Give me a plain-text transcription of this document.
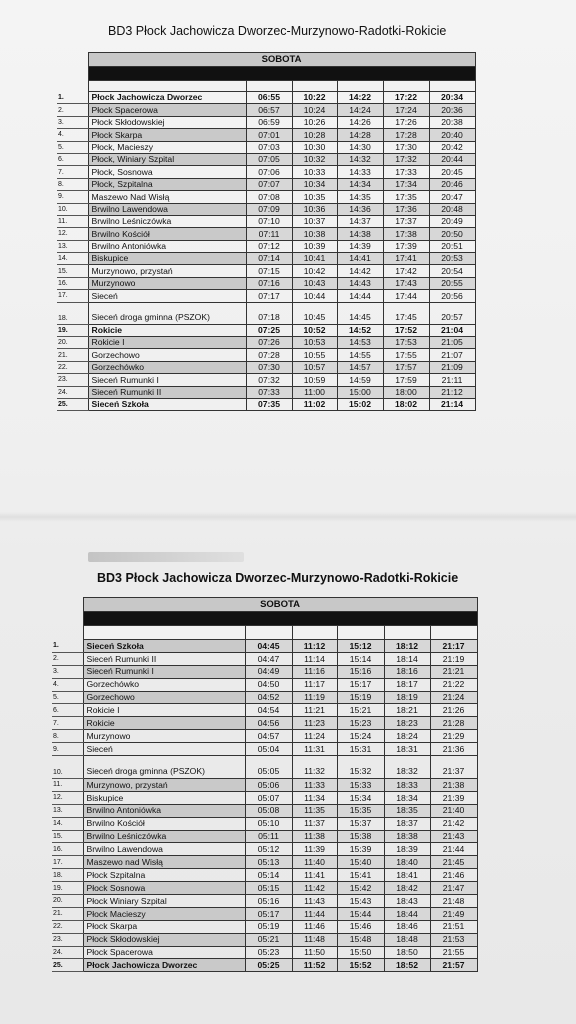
BD3 Płock Jachowicza Dworzec-Murzynowo-Radotki-Rokicie
	SOBOTA					

1.	Płock Jachowicza Dworzec	06:55	10:22	14:22	17:22	20:34
2.	Płock Spacerowa	06:57	10:24	14:24	17:24	20:36
3.	Płock Skłodowskiej	06:59	10:26	14:26	17:26	20:38
4.	Płock Skarpa	07:01	10:28	14:28	17:28	20:40
5.	Płock, Macieszy	07:03	10:30	14:30	17:30	20:42
6.	Płock, Winiary Szpital	07:05	10:32	14:32	17:32	20:44
7.	Płock, Sosnowa	07:06	10:33	14:33	17:33	20:45
8.	Płock, Szpitalna	07:07	10:34	14:34	17:34	20:46
9.	Maszewo Nad Wisłą	07:08	10:35	14:35	17:35	20:47
10.	Brwilno Lawendowa	07:09	10:36	14:36	17:36	20:48
11.	Brwilno Leśniczówka	07:10	10:37	14:37	17:37	20:49
12.	Brwilno Kościół	07:11	10:38	14:38	17:38	20:50
13.	Brwilno Antoniówka	07:12	10:39	14:39	17:39	20:51
14.	Biskupice	07:14	10:41	14:41	17:41	20:53
15.	Murzynowo, przystań	07:15	10:42	14:42	17:42	20:54
16.	Murzynowo	07:16	10:43	14:43	17:43	20:55
17.	Sieceń	07:17	10:44	14:44	17:44	20:56
18.	Sieceń droga gminna (PSZOK)	07:18	10:45	14:45	17:45	20:57
19.	Rokicie	07:25	10:52	14:52	17:52	21:04
20.	Rokicie I	07:26	10:53	14:53	17:53	21:05
21.	Gorzechowo	07:28	10:55	14:55	17:55	21:07
22.	Gorzechówko	07:30	10:57	14:57	17:57	21:09
23.	Sieceń Rumunki I	07:32	10:59	14:59	17:59	21:11
24.	Sieceń Rumunki II	07:33	11:00	15:00	18:00	21:12
25.	Sieceń Szkoła	07:35	11:02	15:02	18:02	21:14
BD3 Płock Jachowicza Dworzec-Murzynowo-Radotki-Rokicie
	SOBOTA					

1.	Sieceń Szkoła	04:45	11:12	15:12	18:12	21:17
2.	Sieceń Rumunki II	04:47	11:14	15:14	18:14	21:19
3.	Sieceń Rumunki I	04:49	11:16	15:16	18:16	21:21
4.	Gorzechówko	04:50	11:17	15:17	18:17	21:22
5.	Gorzechowo	04:52	11:19	15:19	18:19	21:24
6.	Rokicie I	04:54	11:21	15:21	18:21	21:26
7.	Rokicie	04:56	11:23	15:23	18:23	21:28
8.	Murzynowo	04:57	11:24	15:24	18:24	21:29
9.	Sieceń	05:04	11:31	15:31	18:31	21:36
10.	Sieceń droga gminna (PSZOK)	05:05	11:32	15:32	18:32	21:37
11.	Murzynowo, przystań	05:06	11:33	15:33	18:33	21:38
12.	Biskupice	05:07	11:34	15:34	18:34	21:39
13.	Brwilno Antoniówka	05:08	11:35	15:35	18:35	21:40
14.	Brwilno Kościół	05:10	11:37	15:37	18:37	21:42
15.	Brwilno Leśniczówka	05:11	11:38	15:38	18:38	21:43
16.	Brwilno Lawendowa	05:12	11:39	15:39	18:39	21:44
17.	Maszewo nad Wisłą	05:13	11:40	15:40	18:40	21:45
18.	Płock Szpitalna	05:14	11:41	15:41	18:41	21:46
19.	Płock Sosnowa	05:15	11:42	15:42	18:42	21:47
20.	Płock Winiary Szpital	05:16	11:43	15:43	18:43	21:48
21.	Płock Macieszy	05:17	11:44	15:44	18:44	21:49
22.	Płock Skarpa	05:19	11:46	15:46	18:46	21:51
23.	Płock Skłodowskiej	05:21	11:48	15:48	18:48	21:53
24.	Płock Spacerowa	05:23	11:50	15:50	18:50	21:55
25.	Płock Jachowicza Dworzec	05:25	11:52	15:52	18:52	21:57
